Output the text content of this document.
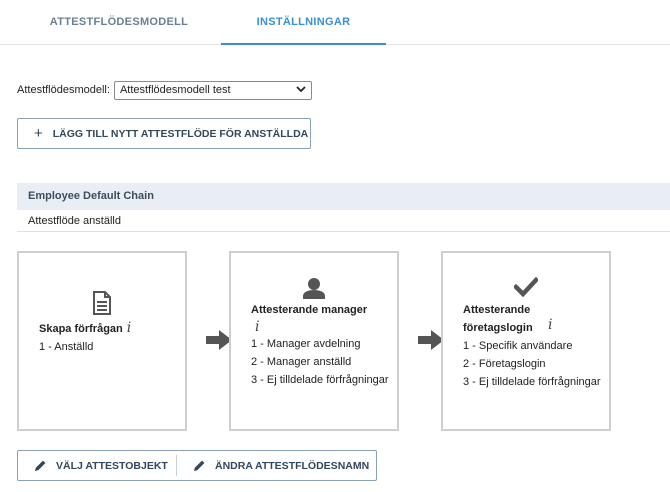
ATTESTFLÖDESMODELL	INSTÄLLNINGAR
Attestflödesmodell: Attestflödesmodell test
+ LÄGG TILL NYTT ATTESTFLÖDE FÖR ANSTÄLLDA
Employee Default Chain
Attestflöde anställd
Skapa förfrågan i
1 - Anställd
Attesterande manager
i
1 - Manager avdelning
2 - Manager anställd
3 - Ej tilldelade förfrågningar
Attesterande företagslogin
1 - Specifik användare
2 - Företagslogin
3 - Ej tilldelade förfrågningar
i
VÄLJ ATTESTOBJEKT	ÄNDRA ATTESTFLÖDESNAMN
